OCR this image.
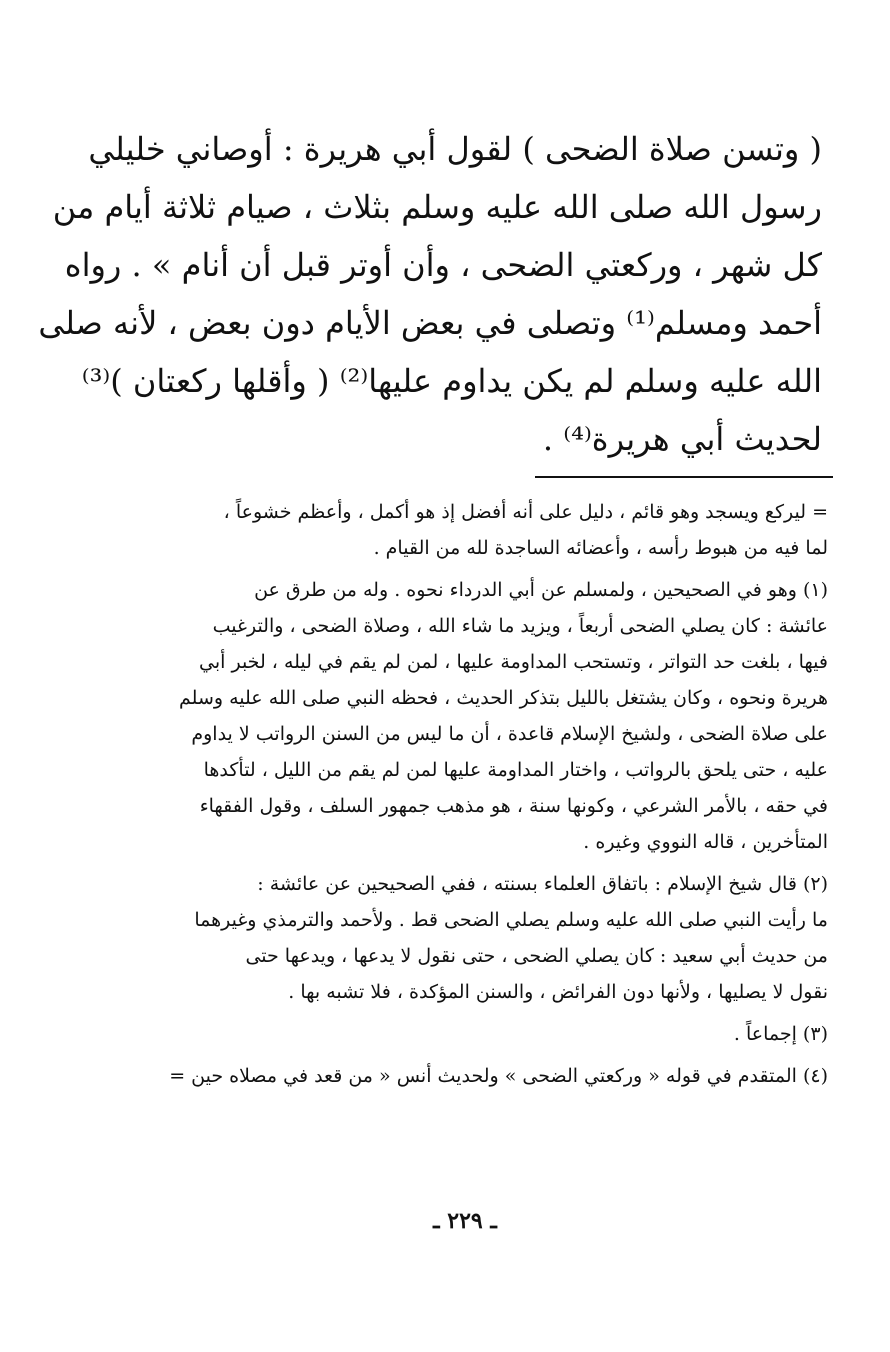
( وتسن صلاة الضحى ) لقول أبي هريرة : أوصاني خليلي
رسول الله صلى الله عليه وسلم بثلاث ، صيام ثلاثة أيام من
كل شهر ، وركعتي الضحى ، وأن أوتر قبل أن أنام » . رواه
أحمد ومسلم⁽¹⁾ وتصلى في بعض الأيام دون بعض ، لأنه صلى
الله عليه وسلم لم يكن يداوم عليها⁽²⁾ ( وأقلها ركعتان )⁽³⁾
لحديث أبي هريرة⁽⁴⁾ .
= ليركع ويسجد وهو قائم ، دليل على أنه أفضل إذ هو أكمل ، وأعظم خشوعاً ،
لما فيه من هبوط رأسه ، وأعضائه الساجدة لله من القيام .
(١) وهو في الصحيحين ، ولمسلم عن أبي الدرداء نحوه . وله من طرق عن
عائشة : كان يصلي الضحى أربعاً ، ويزيد ما شاء الله ، وصلاة الضحى ، والترغيب
فيها ، بلغت حد التواتر ، وتستحب المداومة عليها ، لمن لم يقم في ليله ، لخبر أبي
هريرة ونحوه ، وكان يشتغل بالليل بتذكر الحديث ، فحظه النبي صلى الله عليه وسلم
على صلاة الضحى ، ولشيخ الإسلام قاعدة ، أن ما ليس من السنن الرواتب لا يداوم
عليه ، حتى يلحق بالرواتب ، واختار المداومة عليها لمن لم يقم من الليل ، لتأكدها
في حقه ، بالأمر الشرعي ، وكونها سنة ، هو مذهب جمهور السلف ، وقول الفقهاء
المتأخرين ، قاله النووي وغيره .
(٢) قال شيخ الإسلام : باتفاق العلماء بسنته ، ففي الصحيحين عن عائشة :
ما رأيت النبي صلى الله عليه وسلم يصلي الضحى قط . ولأحمد والترمذي وغيرهما
من حديث أبي سعيد : كان يصلي الضحى ، حتى نقول لا يدعها ، ويدعها حتى
نقول لا يصليها ، ولأنها دون الفرائض ، والسنن المؤكدة ، فلا تشبه بها .
(٣) إجماعاً .
(٤) المتقدم في قوله « وركعتي الضحى » ولحديث أنس « من قعد في مصلاه حين =
ـ ٢٢٩ ـ
